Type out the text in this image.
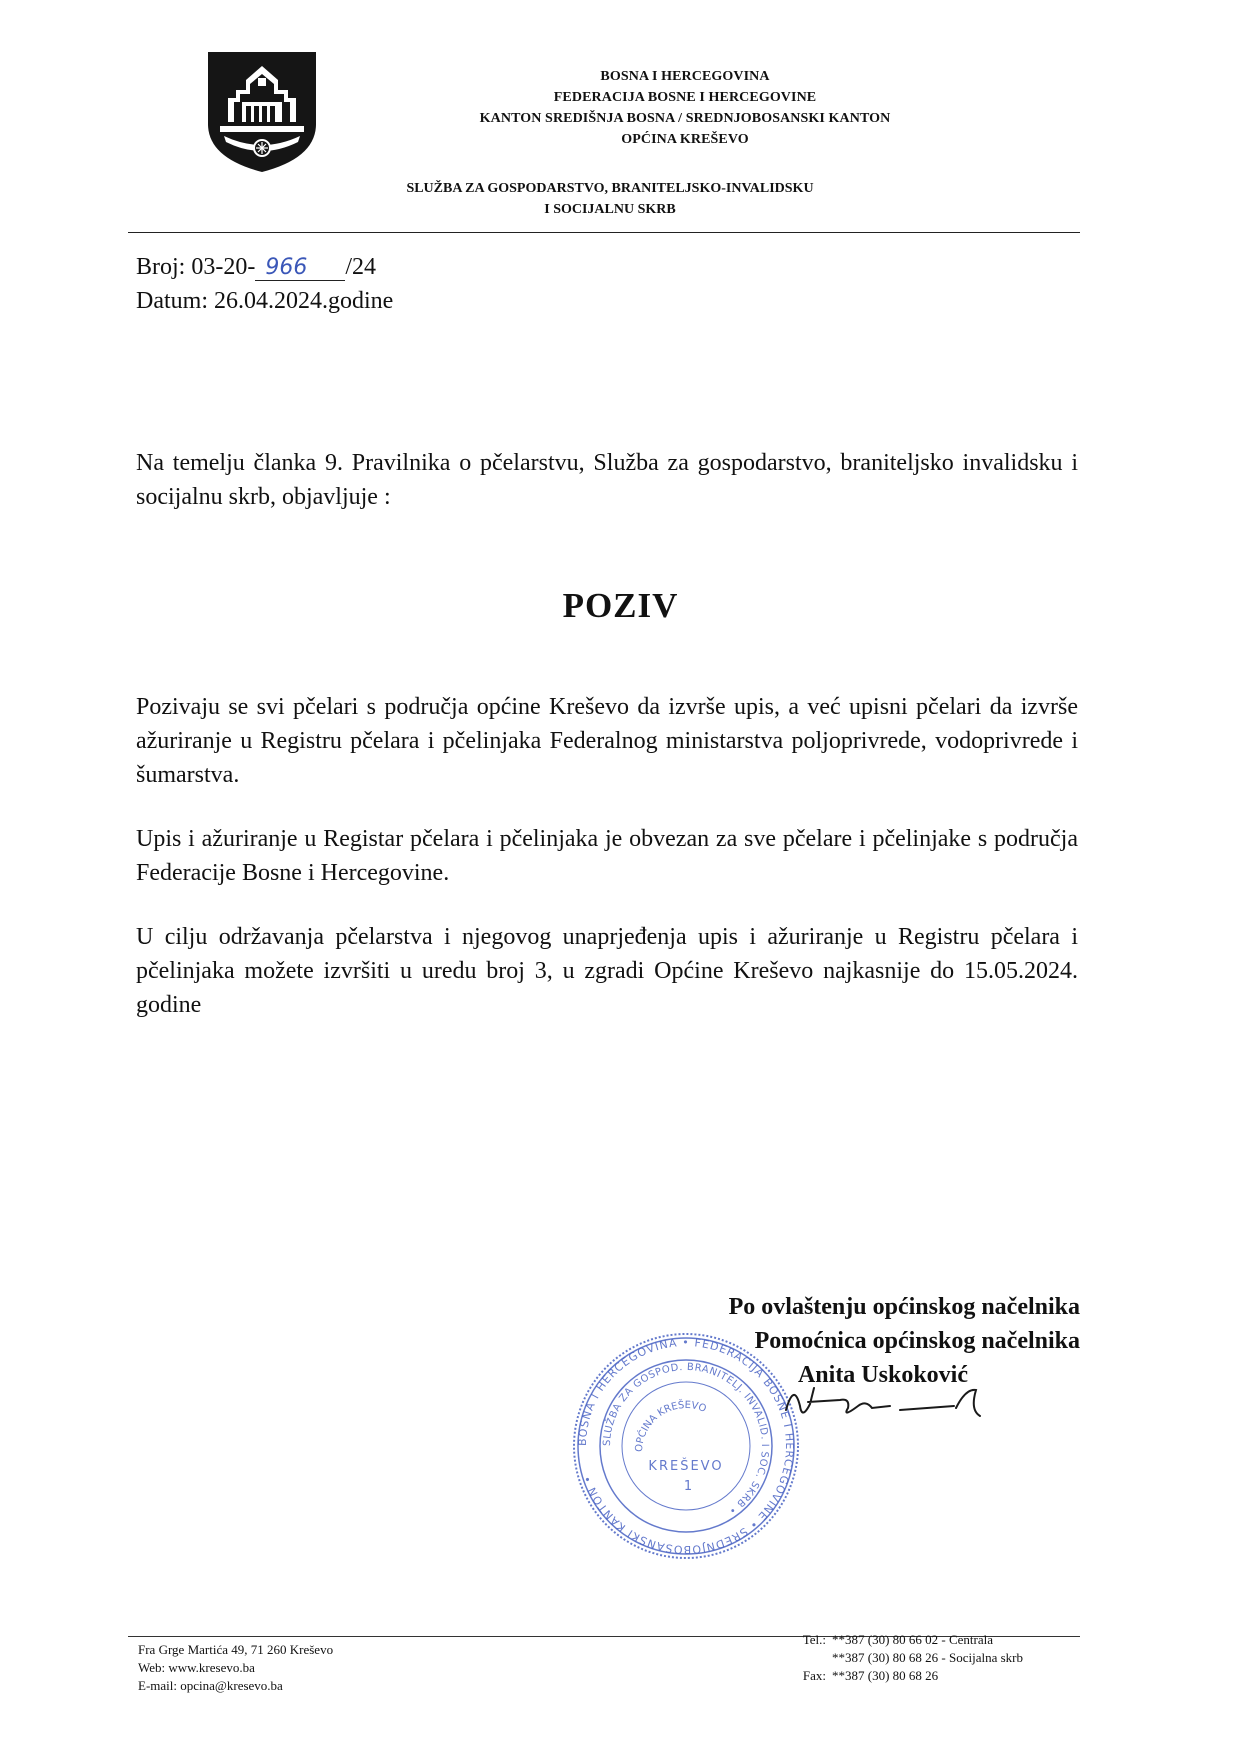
BOSNA I HERCEGOVINA
FEDERACIJA BOSNE I HERCEGOVINE
KANTON SREDIŠNJA BOSNA / SREDNJOBOSANSKI KANTON
OPĆINA KREŠEVO
SLUŽBA ZA GOSPODARSTVO, BRANITELJSKO-INVALIDSKU
I SOCIJALNU SKRB
Broj: 03-20- 966 /24
Datum: 26.04.2024.godine
Na temelju članka 9. Pravilnika o pčelarstvu, Služba za gospodarstvo, braniteljsko invalidsku i socijalnu skrb, objavljuje :
POZIV
Pozivaju se svi pčelari s područja općine Kreševo da izvrše upis, a već upisni pčelari da izvrše ažuriranje u Registru pčelara i pčelinjaka Federalnog ministarstva poljoprivrede, vodoprivrede i šumarstva.
Upis i ažuriranje u Registar pčelara i pčelinjaka je obvezan za sve pčelare i pčelinjake s područja Federacije Bosne i Hercegovine.
U cilju održavanja pčelarstva i njegovog unaprjeđenja upis i ažuriranje u Registru pčelara i pčelinjaka možete izvršiti u uredu broj 3, u zgradi Općine Kreševo najkasnije do 15.05.2024. godine
Po ovlaštenju općinskog načelnika
Pomoćnica općinskog načelnika
Anita Uskoković
BOSNA I HERCEGOVINA • FEDERACIJA BOSNE I HERCEGOVINE • SREDNJOBOSANSKI KANTON •
SLUŽBA ZA GOSPOD. BRANITELJ. INVALID. I SOC. SKRB •
OPĆINA KREŠEVO
KREŠEVO
1
Fra Grge Martića 49, 71 260 Kreševo
Web: www.kresevo.ba
E-mail: opcina@kresevo.ba
Tel.: **387 (30) 80 66 02 - Centrala
**387 (30) 80 68 26 - Socijalna skrb
Fax: **387 (30) 80 68 26
